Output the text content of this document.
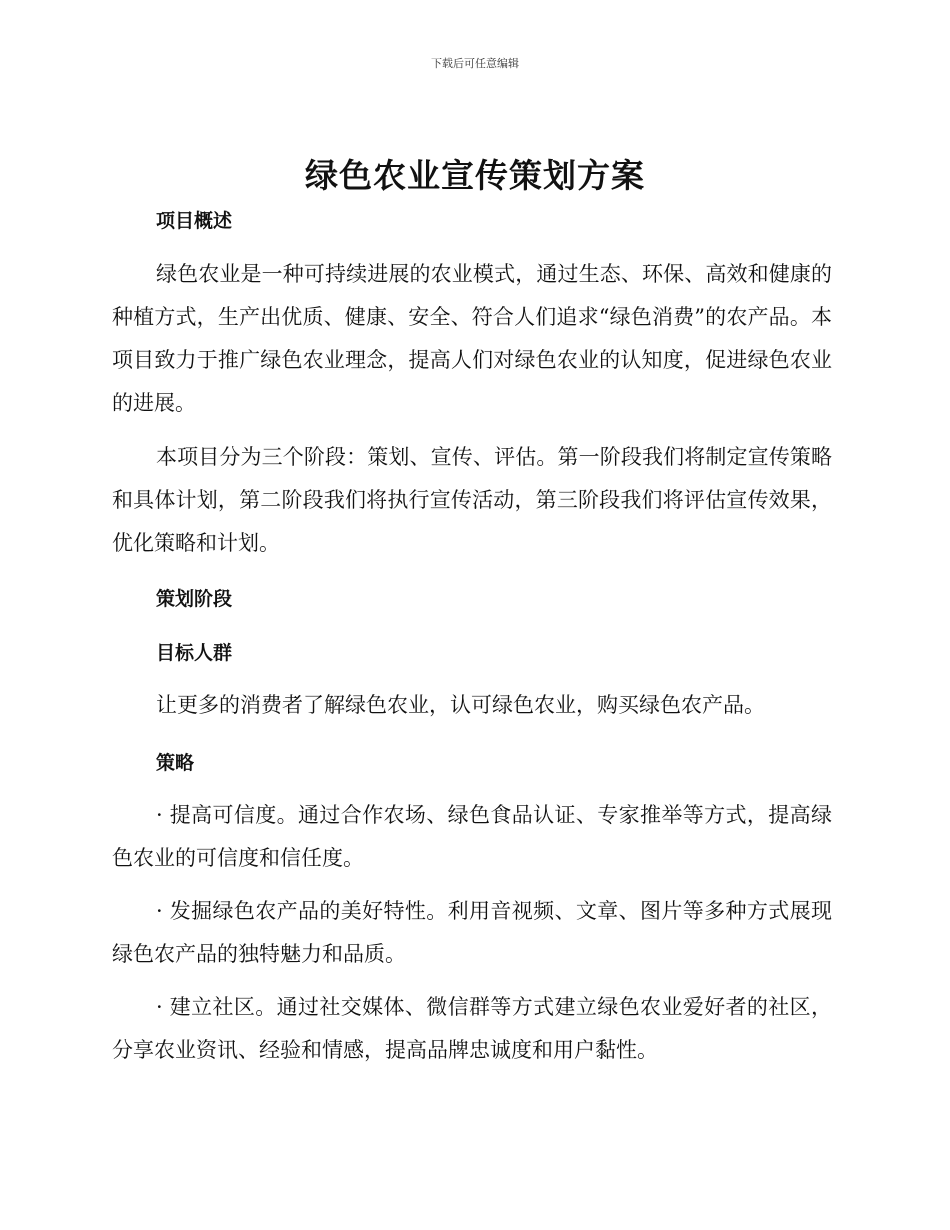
下载后可任意编辑
绿色农业宣传策划方案
项目概述

绿色农业是一种可持续进展的农业模式，通过生态、环保、高效和健康的种植方式，生产出优质、健康、安全、符合人们追求“绿色消费”的农产品。本项目致力于推广绿色农业理念，提高人们对绿色农业的认知度，促进绿色农业的进展。

本项目分为三个阶段：策划、宣传、评估。第一阶段我们将制定宣传策略和具体计划，第二阶段我们将执行宣传活动，第三阶段我们将评估宣传效果，优化策略和计划。

策划阶段
目标人群

让更多的消费者了解绿色农业，认可绿色农业，购买绿色农产品。

策略

· 提高可信度。通过合作农场、绿色食品认证、专家推举等方式，提高绿色农业的可信度和信任度。

· 发掘绿色农产品的美好特性。利用音视频、文章、图片等多种方式展现绿色农产品的独特魅力和品质。

· 建立社区。通过社交媒体、微信群等方式建立绿色农业爱好者的社区，分享农业资讯、经验和情感，提高品牌忠诚度和用户黏性。
